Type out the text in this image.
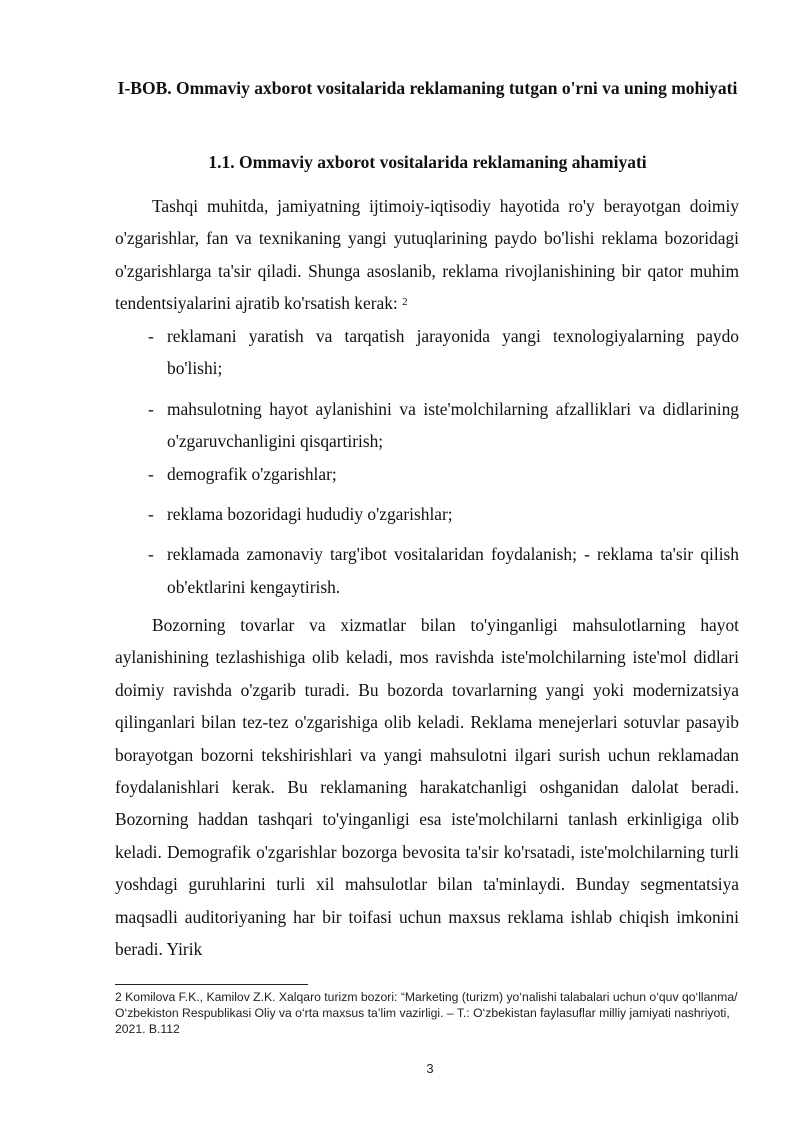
I-BOB. Ommaviy axborot vositalarida reklamaning tutgan o'rni va uning mohiyati
1.1. Ommaviy axborot vositalarida reklamaning ahamiyati

Tashqi muhitda, jamiyatning ijtimoiy-iqtisodiy hayotida ro'y berayotgan doimiy o'zgarishlar, fan va texnikaning yangi yutuqlarining paydo bo'lishi reklama bozoridagi o'zgarishlarga ta'sir qiladi. Shunga asoslanib, reklama rivojlanishining bir qator muhim tendentsiyalarini ajratib ko'rsatish kerak: $^2$

- reklamani yaratish va tarqatish jarayonida yangi texnologiyalarning paydo bo'lishi;
- mahsulotning hayot aylanishini va iste'molchilarning afzalliklari va didlarining o'zgaruvchanligini qisqartirish;
- demografik o'zgarishlar;
- reklama bozoridagi hududiy o'zgarishlar;
- reklamada zamonaviy targ'ibot vositalaridan foydalanish; - reklama ta'sir qilish ob'ektlarini kengaytirish.

Bozorning tovarlar va xizmatlar bilan to'yinganligi mahsulotlarning hayot aylanishining tezlashishiga olib keladi, mos ravishda iste'molchilarning iste'mol didlari doimiy ravishda o'zgarib turadi. Bu bozorda tovarlarning yangi yoki modernizatsiya qilinganlari bilan tez-tez o'zgarishiga olib keladi. Reklama menejerlari sotuvlar pasayib borayotgan bozorni tekshirishlari va yangi mahsulotni ilgari surish uchun reklamadan foydalanishlari kerak. Bu reklamaning harakatchanligi oshganidan dalolat beradi. Bozorning haddan tashqari to'yinganligi esa iste'molchilarni tanlash erkinligiga olib keladi. Demografik o'zgarishlar bozorga bevosita ta'sir ko'rsatadi, iste'molchilarning turli yoshdagi guruhlarini turli xil mahsulotlar bilan ta'minlaydi. Bunday segmentatsiya maqsadli auditoriyaning har bir toifasi uchun maxsus reklama ishlab chiqish imkonini beradi. Yirik

2 Komilova F.K., Kamilov Z.K. Xalqaro turizm bozori: “Marketing (turizm) yo‘nalishi talabalari uchun o‘quv qo‘llanma/ O‘zbekiston Respublikasi Oliy va o‘rta maxsus ta’lim vazirligi. – T.: O‘zbekistan faylasuflar milliy jamiyati nashriyoti, 2021. B.112
3
